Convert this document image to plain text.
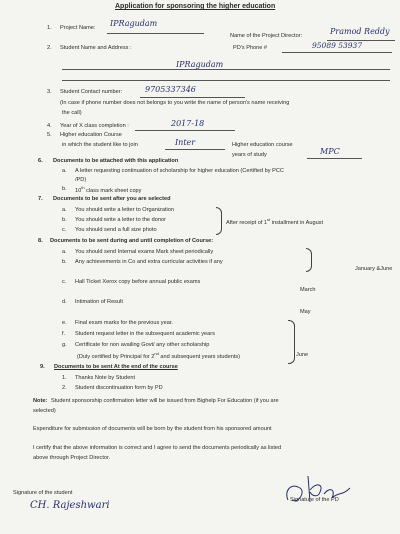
Application for sponsoring the higher education
1. Project Name: IPRagudam
Name of the Project Director:	Pramod Reddy
PD's Phone #	95089 53937
2. Student Name and Address :
IPRagudam
3. Student Contact number:	9705337346
(In case if phone number does not belongs to you write the name of person's name receiving
the call)
4. Year of X class completion :	2017-18
5. Higher education Course
in which the student like to join	Inter	Higher education course
years of study	MPC
6. Documents to be attached with this application
a. A letter requesting continuation of scholarship for higher education (Certified by PCC
/PD)
b. 10th class mark sheet copy
7. Documents to be sent after you are selected
a. You should write a letter to Organization
b. You should write a letter to the donor
c. You should send a full size photo
After receipt of 1st installment in August
8. Documents to be sent during and until completion of Course:
a. You should send Internal exams Mark sheet periodically
b. Any achievements in Co and extra curricular activities if any
January &June
c. Hall Ticket Xerox copy before annual public exams
March
d. Intimation of Result
May
e. Final exam marks for the previous year.
f. Student request letter in the subsequent academic years
g. Certificate for non availing Govt/ any other scholarship
(Duly certified by Principal for 2nd and subsequent years students)	June
9. Documents to be sent At the end of the course
1. Thanks Note by Student
2. Student discontinuation form by PD
Note: Student sponsorship confirmation letter will be issued from Bighelp For Education (if you are
selected)
Expenditure for submission of documents will be born by the student from his sponsored amount
I certify that the above information is correct and I agree to send the documents periodically as listed
above through Project Director.
Signature of the student
CH. Rajeshwari	Signature of the PD
